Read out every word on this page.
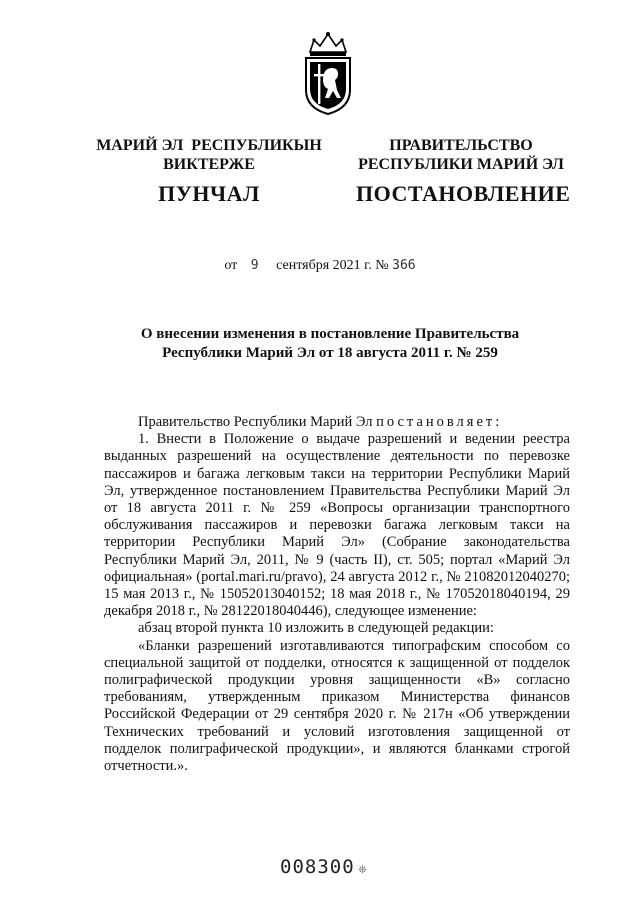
МАРИЙ ЭЛ  РЕСПУБЛИКЫН
ВИКТЕРЖЕ
ПУНЧАЛ
ПРАВИТЕЛЬСТВО
РЕСПУБЛИКИ МАРИЙ ЭЛ
ПОСТАНОВЛЕНИЕ
от 9 сентября 2021 г. № 366
О внесении изменения в постановление Правительства
Республики Марий Эл от 18 августа 2011 г. № 259

Правительство Республики Марий Эл постановляет:

1. Внести в Положение о выдаче разрешений и ведении реестра выданных разрешений на осуществление деятельности по перевозке пассажиров и багажа легковым такси на территории Республики Марий Эл, утвержденное постановлением Правительства Республики Марий Эл от 18 августа 2011 г. № 259 «Вопросы организации транспортного обслуживания пассажиров и перевозки багажа легковым такси на территории Республики Марий Эл» (Собрание законодательства Республики Марий Эл, 2011, № 9 (часть II), ст. 505; портал «Марий Эл официальная» (portal.mari.ru/pravo), 24 августа 2012 г., № 21082012040270; 15 мая 2013 г., № 15052013040152; 18 мая 2018 г., № 17052018040194, 29 декабря 2018 г., № 28122018040446), следующее изменение:

абзац второй пункта 10 изложить в следующей редакции:

«Бланки разрешений изготавливаются типографским способом со специальной защитой от подделки, относятся к защищенной от подделок полиграфической продукции уровня защищенности «В» согласно требованиям, утвержденным приказом Министерства финансов Российской Федерации от 29 сентября 2020 г. № 217н «Об утверждении Технических требований и условий изготовления защищенной от подделок полиграфической продукции», и являются бланками строгой отчетности.».

008300 ❊
